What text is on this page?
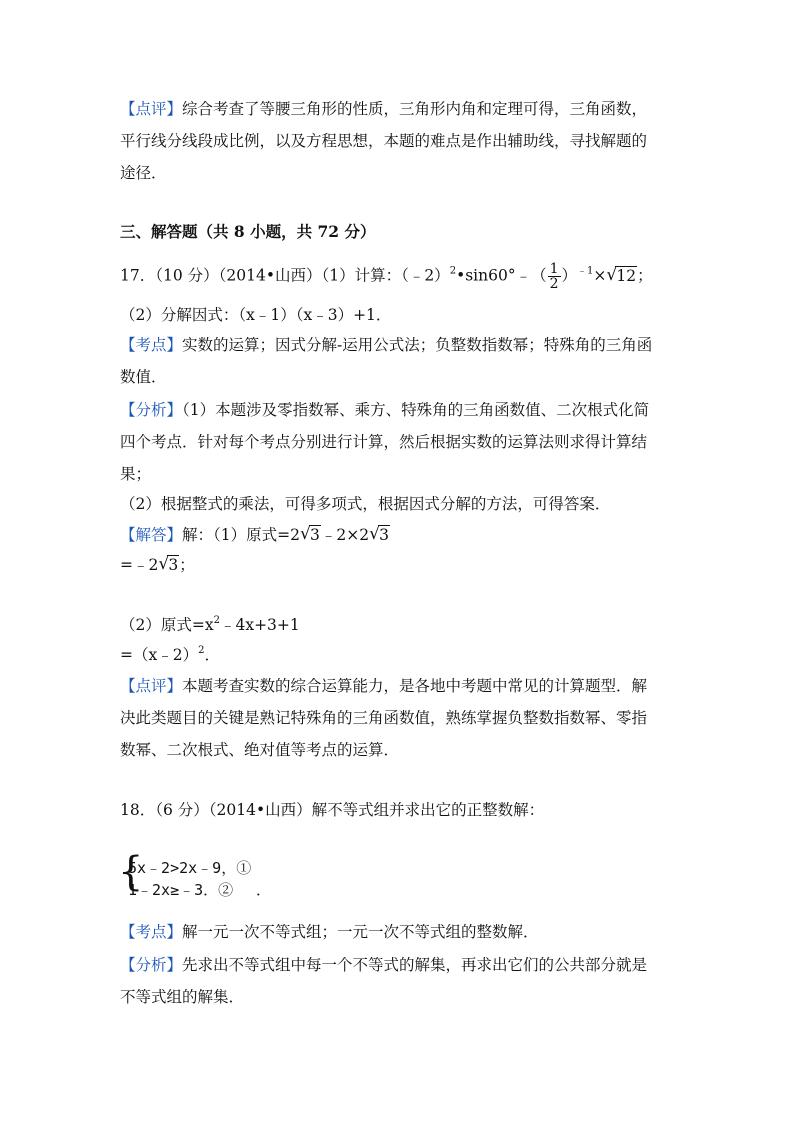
【点评】综合考查了等腰三角形的性质，三角形内角和定理可得，三角函数，
平行线分线段成比例，以及方程思想，本题的难点是作出辅助线，寻找解题的
途径．
三、解答题（共 8 小题，共 72 分）
17．（10 分）（2014•山西）（1）计算：（﹣2）$^2$•sin60°﹣（ $\frac{1}{2} )^{﹣1}\times$ √ 12；
（2）分解因式：（x﹣1）（x﹣3）+1．
【考点】实数的运算；因式分解-运用公式法；负整数指数幂；特殊角的三角函
数值．
【分析】（1）本题涉及零指数幂、乘方、特殊角的三角函数值、二次根式化简
四个考点．针对每个考点分别进行计算，然后根据实数的运算法则求得计算结
果；
（2）根据整式的乘法，可得多项式，根据因式分解的方法，可得答案．
【解答】解：（1）原式=2 √ 3﹣2×2 √ 3
=﹣2 √ 3；
（2）原式$=x^2﹣4x+3+1$
=（x﹣2）$^2$．
【点评】本题考查实数的综合运算能力，是各地中考题中常见的计算题型．解
决此类题目的关键是熟记特殊角的三角函数值，熟练掌握负整数指数幂、零指
数幂、二次根式、绝对值等考点的运算．
18．（6 分）（2014•山西）解不等式组并求出它的正整数解：
{
5x﹣2>2x﹣9，①
1﹣2x≥﹣3．② ．
【考点】解一元一次不等式组；一元一次不等式组的整数解．
【分析】先求出不等式组中每一个不等式的解集，再求出它们的公共部分就是
不等式组的解集．
